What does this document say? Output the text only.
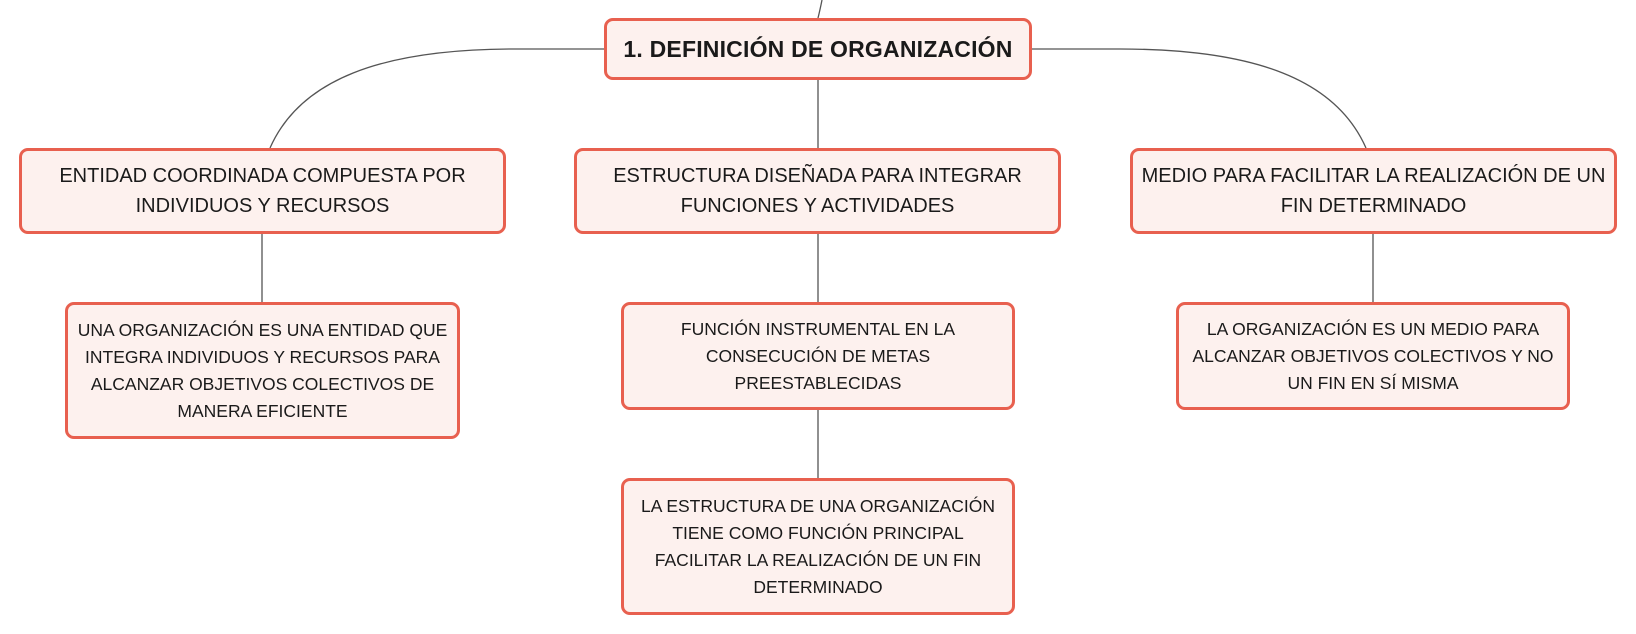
1. DEFINICIÓN DE ORGANIZACIÓN
ENTIDAD COORDINADA COMPUESTA POR INDIVIDUOS Y RECURSOS
ESTRUCTURA DISEÑADA PARA INTEGRAR FUNCIONES Y ACTIVIDADES
MEDIO PARA FACILITAR LA REALIZACIÓN DE UN FIN DETERMINADO
UNA ORGANIZACIÓN ES UNA ENTIDAD QUE INTEGRA INDIVIDUOS Y RECURSOS PARA ALCANZAR OBJETIVOS COLECTIVOS DE MANERA EFICIENTE
FUNCIÓN INSTRUMENTAL EN LA CONSECUCIÓN DE METAS PREESTABLECIDAS
LA ORGANIZACIÓN ES UN MEDIO PARA ALCANZAR OBJETIVOS COLECTIVOS Y NO UN FIN EN SÍ MISMA
LA ESTRUCTURA DE UNA ORGANIZACIÓN TIENE COMO FUNCIÓN PRINCIPAL FACILITAR LA REALIZACIÓN DE UN FIN DETERMINADO
